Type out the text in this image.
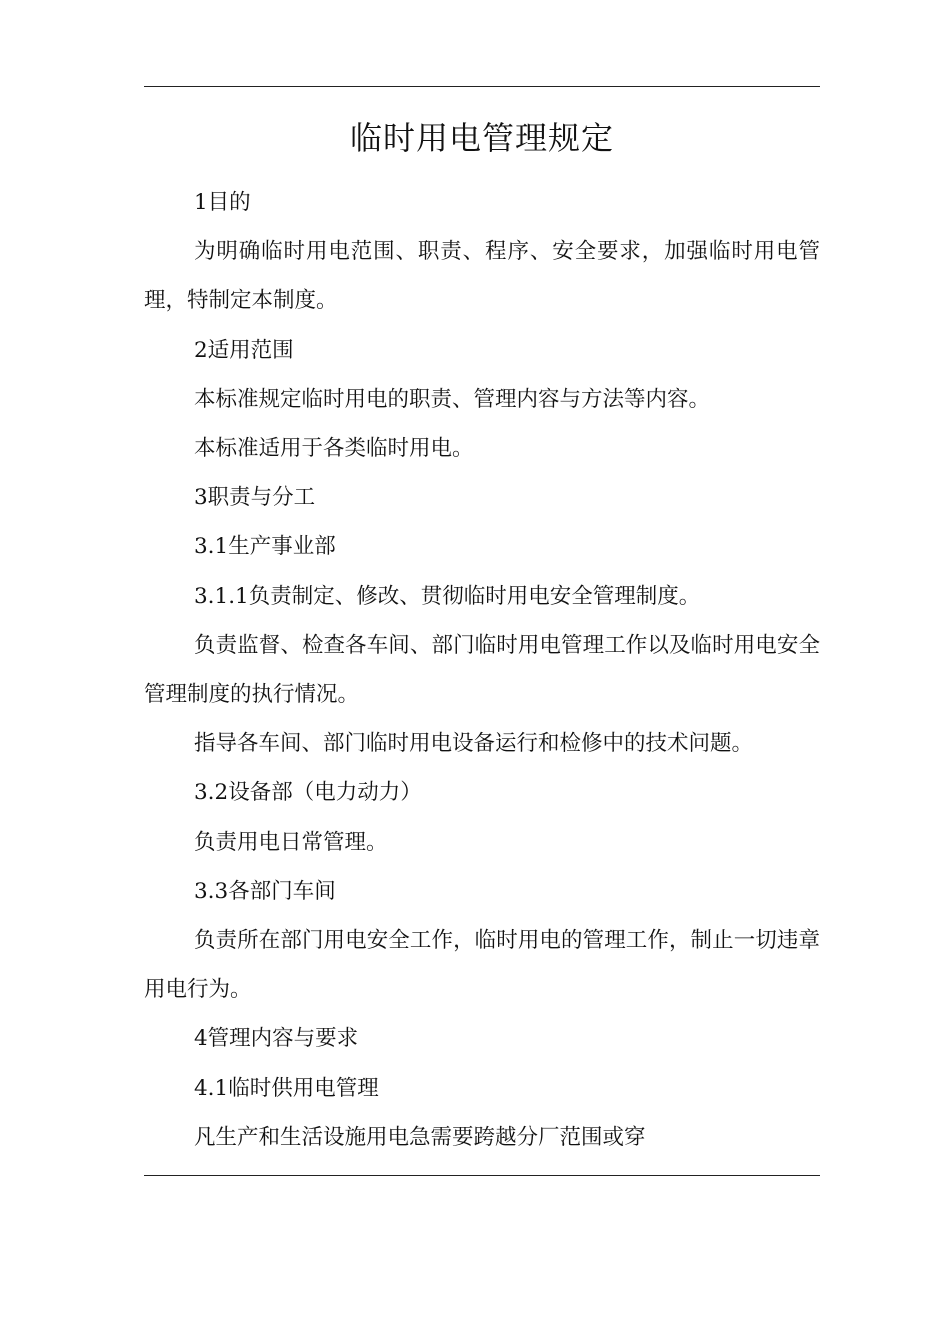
临时用电管理规定

1目的

为明确临时用电范围、职责、程序、安全要求，加强临时用电管理，特制定本制度。

2适用范围

本标准规定临时用电的职责、管理内容与方法等内容。

本标准适用于各类临时用电。

3职责与分工

3.1生产事业部

3.1.1负责制定、修改、贯彻临时用电安全管理制度。

负责监督、检查各车间、部门临时用电管理工作以及临时用电安全管理制度的执行情况。

指导各车间、部门临时用电设备运行和检修中的技术问题。

3.2设备部（电力动力）

负责用电日常管理。

3.3各部门车间

负责所在部门用电安全工作，临时用电的管理工作，制止一切违章用电行为。

4管理内容与要求

4.1临时供用电管理

凡生产和生活设施用电急需要跨越分厂范围或穿
